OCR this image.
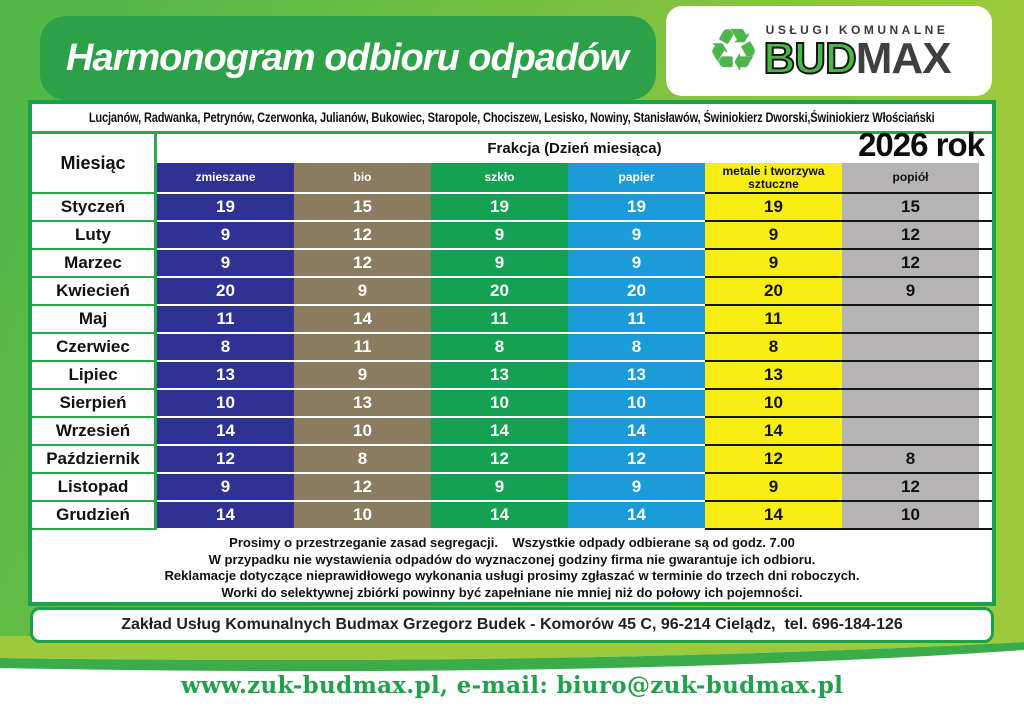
Harmonogram odbioru odpadów ♻ USŁUGI KOMUNALNE
BUDMAX
Lucjanów, Radwanka, Petrynów, Czerwonka, Julianów, Bukowiec, Staropole, Chociszew, Lesisko, Nowiny, Stanisławów, Świniokierz Dworski,Świniokierz Włościański
2026 rok
Miesiąc
Frakcja (Dzień miesiąca)
zmieszane	bio	szkło	papier	metale i tworzywa sztuczne	popiół
Styczeń	19	15	19	19	19	15
Luty	9	12	9	9	9	12
Marzec	9	12	9	9	9	12
Kwiecień	20	9	20	20	20	9
Maj	11	14	11	11	11
Czerwiec	8	11	8	8	8
Lipiec	13	9	13	13	13
Sierpień	10	13	10	10	10
Wrzesień	14	10	14	14	14
Październik	12	8	12	12	12	8
Listopad	9	12	9	9	9	12
Grudzień	14	10	14	14	14	10
Prosimy o przestrzeganie zasad segregacji.    Wszystkie odpady odbierane są od godz. 7.00
W przypadku nie wystawienia odpadów do wyznaczonej godziny firma nie gwarantuje ich odbioru.
Reklamacje dotyczące nieprawidłowego wykonania usługi prosimy zgłaszać w terminie do trzech dni roboczych.
Worki do selektywnej zbiórki powinny być zapełniane nie mniej niż do połowy ich pojemności.
Zakład Usług Komunalnych Budmax Grzegorz Budek - Komorów 45 C, 96-214 Cielądz,  tel. 696-184-126
www.zuk-budmax.pl, e-mail: biuro@zuk-budmax.pl
